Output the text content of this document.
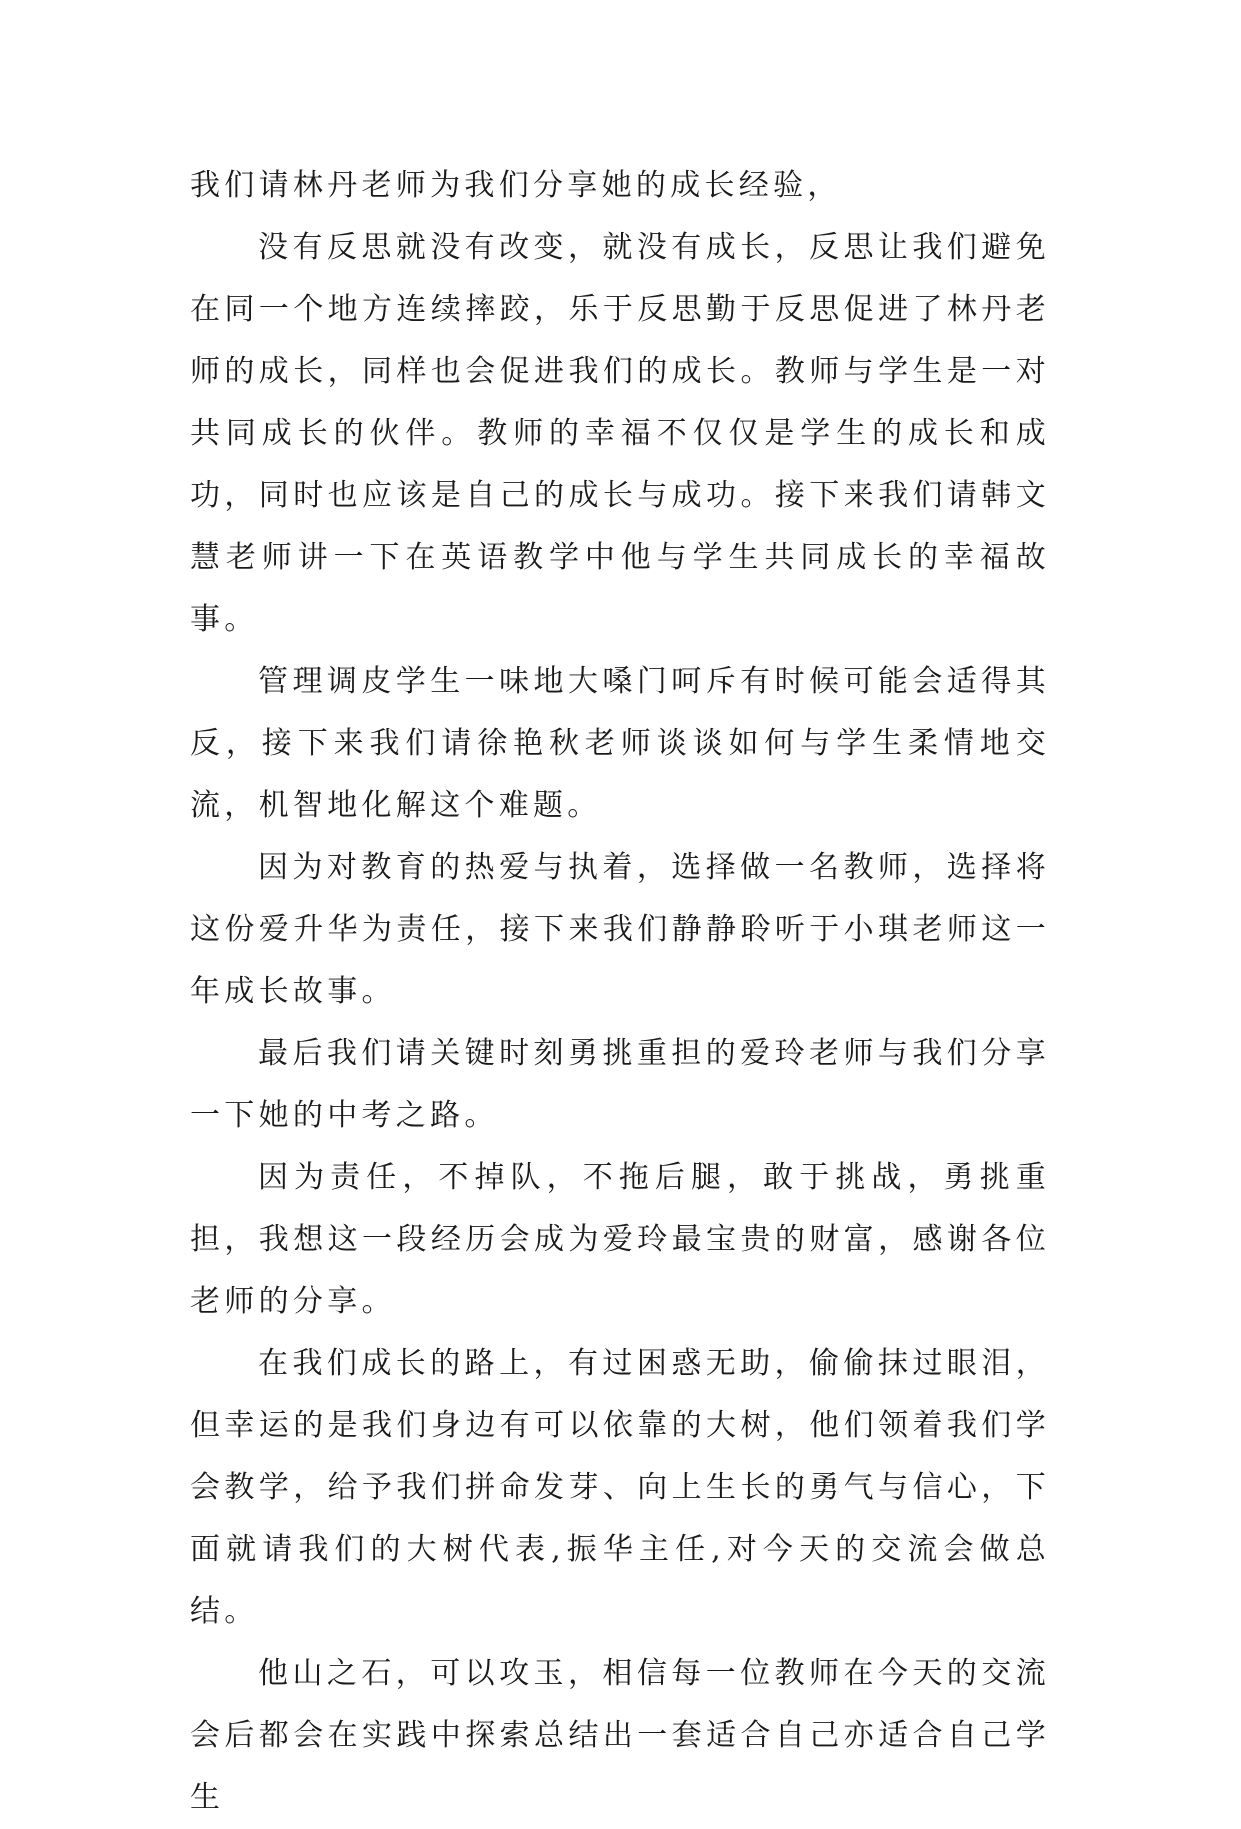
我们请林丹老师为我们分享她的成长经验，

没有反思就没有改变，就没有成长，反思让我们避免在同一个地方连续摔跤，乐于反思勤于反思促进了林丹老师的成长，同样也会促进我们的成长。教师与学生是一对共同成长的伙伴。教师的幸福不仅仅是学生的成长和成功，同时也应该是自己的成长与成功。接下来我们请韩文慧老师讲一下在英语教学中他与学生共同成长的幸福故事。

管理调皮学生一味地大嗓门呵斥有时候可能会适得其反，接下来我们请徐艳秋老师谈谈如何与学生柔情地交流，机智地化解这个难题。

因为对教育的热爱与执着，选择做一名教师，选择将这份爱升华为责任，接下来我们静静聆听于小琪老师这一年成长故事。

最后我们请关键时刻勇挑重担的爱玲老师与我们分享一下她的中考之路。

因为责任，不掉队，不拖后腿，敢于挑战，勇挑重担，我想这一段经历会成为爱玲最宝贵的财富，感谢各位老师的分享。

在我们成长的路上，有过困惑无助，偷偷抹过眼泪，但幸运的是我们身边有可以依靠的大树，他们领着我们学会教学，给予我们拼命发芽、向上生长的勇气与信心，下面就请我们的大树代表,振华主任,对今天的交流会做总结。

他山之石，可以攻玉，相信每一位教师在今天的交流会后都会在实践中探索总结出一套适合自己亦适合自己学生
